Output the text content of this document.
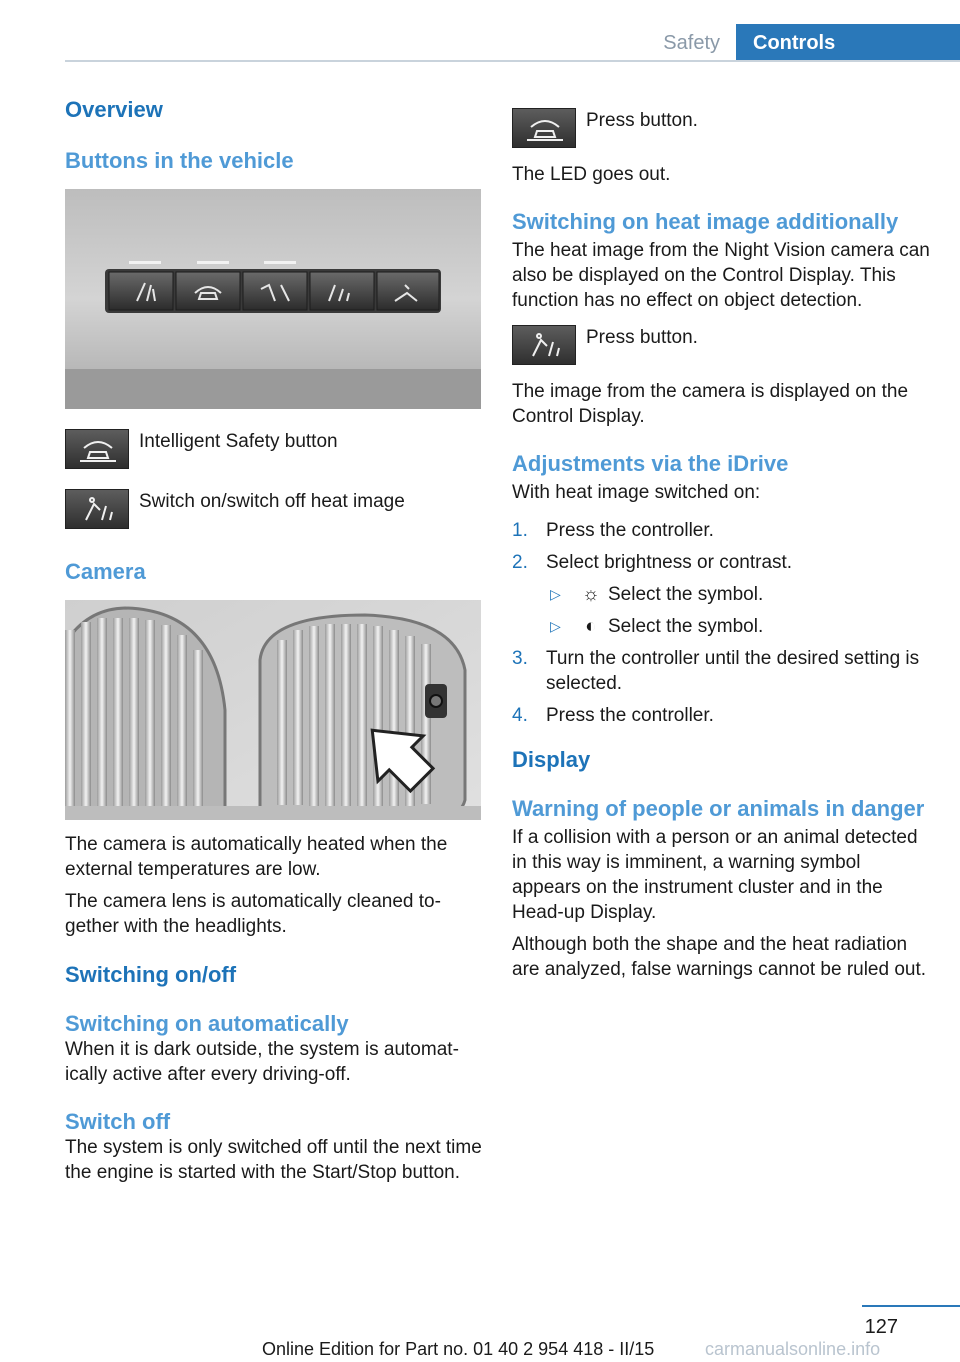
Safety	Controls
Overview
Buttons in the vehicle
Intelligent Safety button
Switch on/switch off heat image
Camera
The camera is automatically heated when the external temperatures are low.
The camera lens is automatically cleaned together with the headlights.
Switching on/off
Switching on automatically
When it is dark outside, the system is automatically active after every driving-off.
Switch off
The system is only switched off until the next time the engine is started with the Start/Stop button.
Press button.
The LED goes out.
Switching on heat image additionally
The heat image from the Night Vision camera can also be displayed on the Control Display. This function has no effect on object detection.
Press button.
The image from the camera is displayed on the Control Display.
Adjustments via the iDrive
With heat image switched on:
1. Press the controller.
2. Select brightness or contrast.
▷ ☼ Select the symbol.
▷ ◐ Select the symbol.
3. Turn the controller until the desired setting is selected.
4. Press the controller.
Display
Warning of people or animals in danger
If a collision with a person or an animal detected in this way is imminent, a warning symbol appears on the instrument cluster and in the Head-up Display.
Although both the shape and the heat radiation are analyzed, false warnings cannot be ruled out.
127
Online Edition for Part no. 01 40 2 954 418 - II/15	carmanualsonline.info
